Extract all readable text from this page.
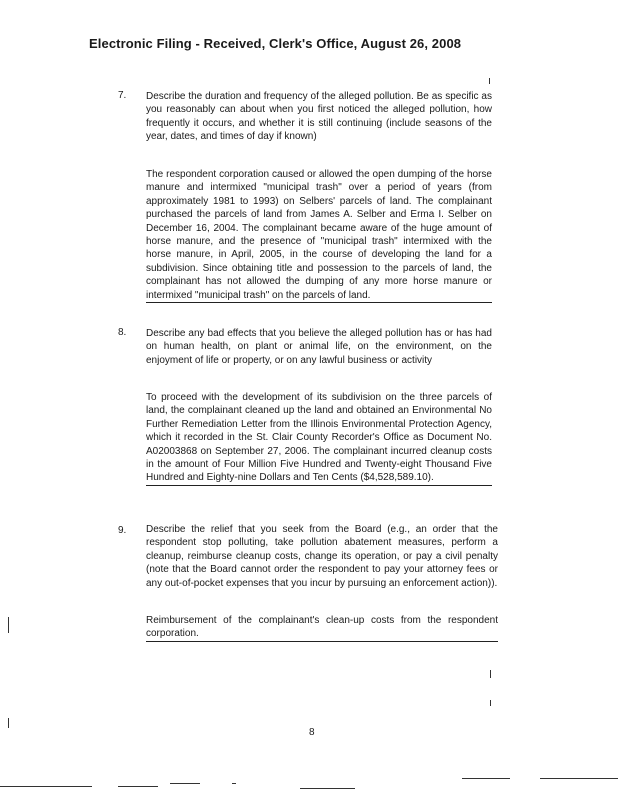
Electronic Filing - Received, Clerk's Office, August 26, 2008
7. Describe the duration and frequency of the alleged pollution. Be as specific as you reasonably can about when you first noticed the alleged pollution, how frequently it occurs, and whether it is still continuing (include seasons of the year, dates, and times of day if known)

The respondent corporation caused or allowed the open dumping of the horse manure and intermixed "municipal trash" over a period of years (from approximately 1981 to 1993) on Selbers' parcels of land. The complainant purchased the parcels of land from James A. Selber and Erma I. Selber on December 16, 2004. The complainant became aware of the huge amount of horse manure, and the presence of "municipal trash" intermixed with the horse manure, in April, 2005, in the course of developing the land for a subdivision. Since obtaining title and possession to the parcels of land, the complainant has not allowed the dumping of any more horse manure or intermixed "municipal trash" on the parcels of land.

8. Describe any bad effects that you believe the alleged pollution has or has had on human health, on plant or animal life, on the environment, on the enjoyment of life or property, or on any lawful business or activity

To proceed with the development of its subdivision on the three parcels of land, the complainant cleaned up the land and obtained an Environmental No Further Remediation Letter from the Illinois Environmental Protection Agency, which it recorded in the St. Clair County Recorder's Office as Document No. A02003868 on September 27, 2006. The complainant incurred cleanup costs in the amount of Four Million Five Hundred and Twenty-eight Thousand Five Hundred and Eighty-nine Dollars and Ten Cents ($4,528,589.10).

9. Describe the relief that you seek from the Board (e.g., an order that the respondent stop polluting, take pollution abatement measures, perform a cleanup, reimburse cleanup costs, change its operation, or pay a civil penalty (note that the Board cannot order the respondent to pay your attorney fees or any out-of-pocket expenses that you incur by pursuing an enforcement action)).

Reimbursement of the complainant's clean-up costs from the respondent corporation.

8
